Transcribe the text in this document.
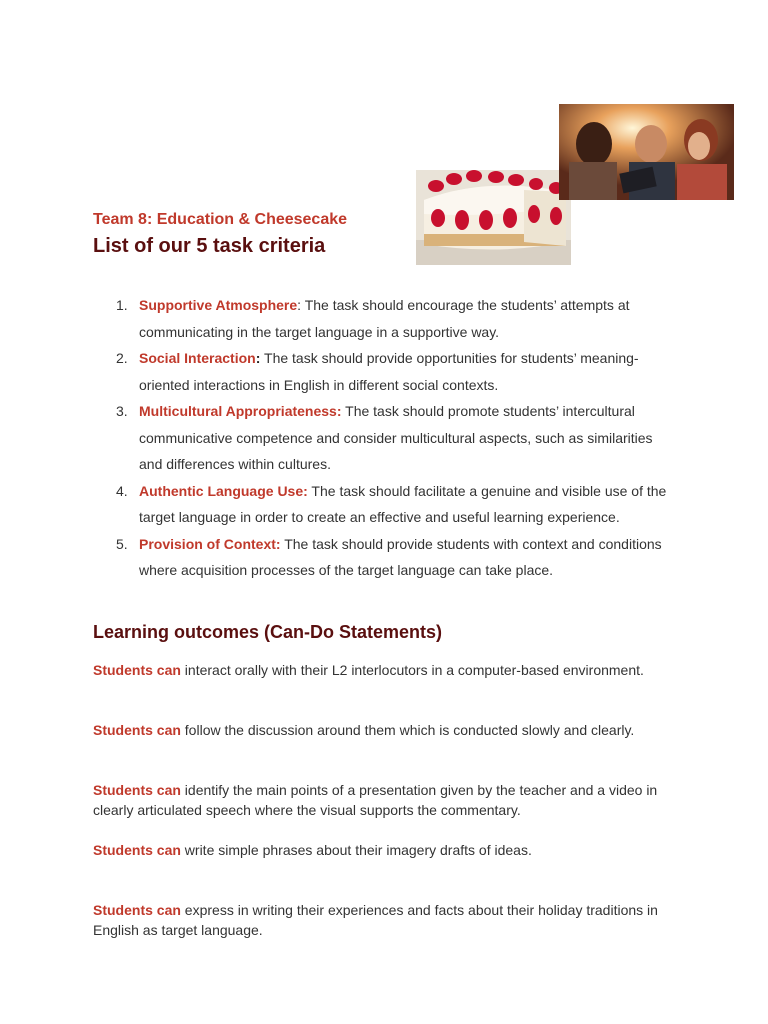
Team 8: Education & Cheesecake
List of our 5 task criteria
1. Supportive Atmosphere: The task should encourage the students’ attempts at communicating in the target language in a supportive way.
2. Social Interaction: The task should provide opportunities for students’ meaning-oriented interactions in English in different social contexts.
3. Multicultural Appropriateness: The task should promote students’ intercultural communicative competence and consider multicultural aspects, such as similarities and differences within cultures.
4. Authentic Language Use: The task should facilitate a genuine and visible use of the target language in order to create an effective and useful learning experience.
5. Provision of Context: The task should provide students with context and conditions where acquisition processes of the target language can take place.
Learning outcomes (Can-Do Statements)

Students can interact orally with their L2 interlocutors in a computer-based environment.

Students can follow the discussion around them which is conducted slowly and clearly.

Students can identify the main points of a presentation given by the teacher and a video in clearly articulated speech where the visual supports the commentary.

Students can write simple phrases about their imagery drafts of ideas.

Students can express in writing their experiences and facts about their holiday traditions in English as target language.
